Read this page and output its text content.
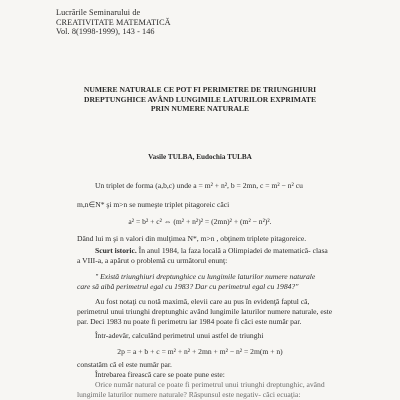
Lucrările Seminarului de
CREATIVITATE MATEMATICĂ
Vol. 8(1998-1999), 143 - 146
NUMERE NATURALE CE POT FI PERIMETRE DE TRIUNGHIURI
DREPTUNGHICE AVÂND LUNGIMILE LATURILOR EXPRIMATE
PRIN NUMERE NATURALE
Vasile TULBA, Eudochia TULBA
Un triplet de forma (a,b,c) unde a = m² + n², b = 2mn, c = m² − n² cu
m,n∈N* şi m>n se numeşte triplet pitagoreic căci
a² = b² + c² ⇔ (m² + n²)² = (2mn)² + (m² − n²)².
Dând lui m şi n valori din mulţimea N*, m>n , obţinem triplete pitagoreice.
Scurt istoric. În anul 1984, la faza locală a Olimpiadei de matematică- clasa
a VIII-a, a apărut o problemă cu următorul enunţ:
" Există triunghiuri dreptunghice cu lungimile laturilor numere naturale
care să aibă perimetrul egal cu 1983? Dar cu perimetrul egal cu 1984?"
Au fost notaţi cu notă maximă, elevii care au pus în evidenţă faptul că,
perimetrul unui triunghi dreptunghic având lungimile laturilor numere naturale, este
par. Deci 1983 nu poate fi perimetru iar 1984 poate fi căci este număr par.
Într-adevăr, calculând perimetrul unui astfel de triunghi
2p = a + b + c = m² + n² + 2mn + m² − n² = 2m(m + n)
constatăm că el este număr par.
Întrebarea firească care se poate pune este:
Orice număr natural ce poate fi perimetrul unui triunghi dreptunghic, având
lungimile laturilor numere naturale? Răspunsul este negativ- căci ecuaţia:
